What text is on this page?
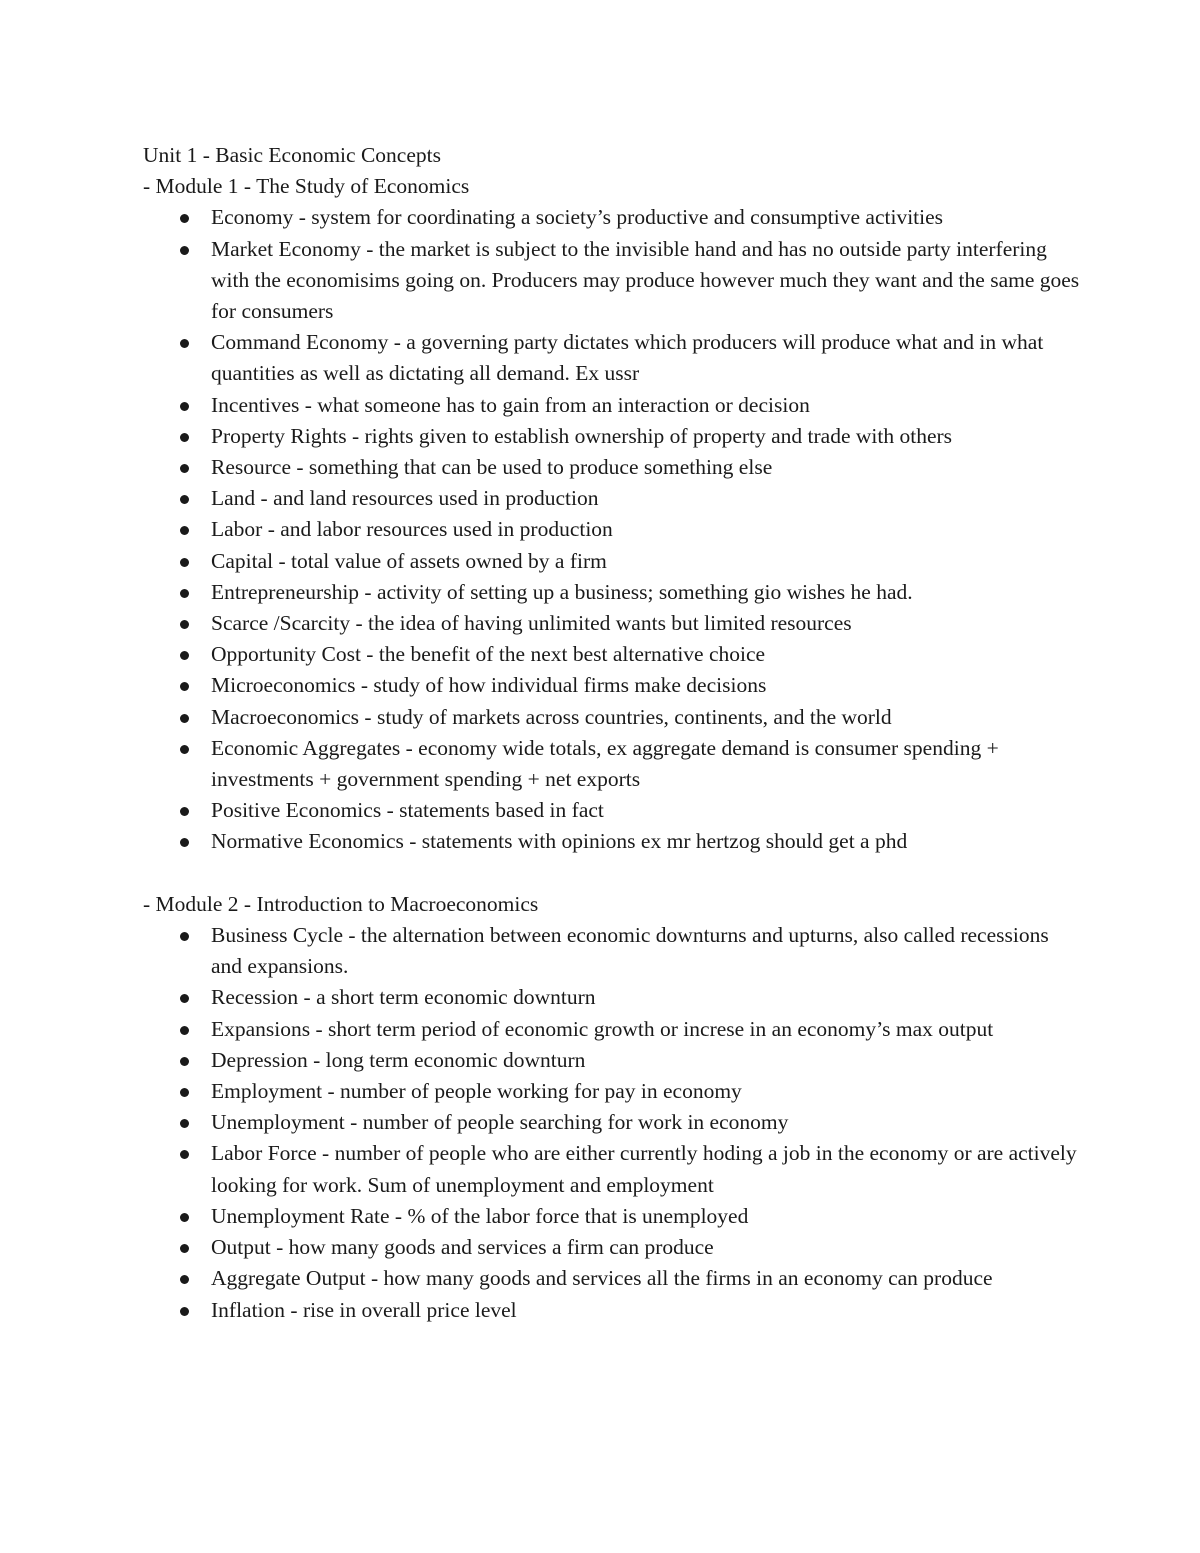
Unit 1 - Basic Economic Concepts

- Module 1 - The Study of Economics

Economy - system for coordinating a society’s productive and consumptive activities
Market Economy - the market is subject to the invisible hand and has no outside party interfering with the economisims going on. Producers may produce however much they want and the same goes for consumers
Command Economy - a governing party dictates which producers will produce what and in what quantities as well as dictating all demand. Ex ussr
Incentives - what someone has to gain from an interaction or decision
Property Rights - rights given to establish ownership of property and trade with others
Resource - something that can be used to produce something else
Land - and land resources used in production
Labor - and labor resources used in production
Capital - total value of assets owned by a firm
Entrepreneurship - activity of setting up a business; something gio wishes he had.
Scarce /Scarcity - the idea of having unlimited wants but limited resources
Opportunity Cost - the benefit of the next best alternative choice
Microeconomics - study of how individual firms make decisions
Macroeconomics - study of markets across countries, continents, and the world
Economic Aggregates - economy wide totals, ex aggregate demand is consumer spending + investments + government spending + net exports
Positive Economics - statements based in fact
Normative Economics - statements with opinions ex mr hertzog should get a phd

- Module 2 - Introduction to Macroeconomics

Business Cycle - the alternation between economic downturns and upturns, also called recessions and expansions.
Recession - a short term economic downturn
Expansions - short term period of economic growth or increse in an economy’s max output
Depression - long term economic downturn
Employment - number of people working for pay in economy
Unemployment - number of people searching for work in economy
Labor Force - number of people who are either currently hoding a job in the economy or are actively looking for work. Sum of unemployment and employment
Unemployment Rate - % of the labor force that is unemployed
Output - how many goods and services a firm can produce
Aggregate Output - how many goods and services all the firms in an economy can produce
Inflation - rise in overall price level
